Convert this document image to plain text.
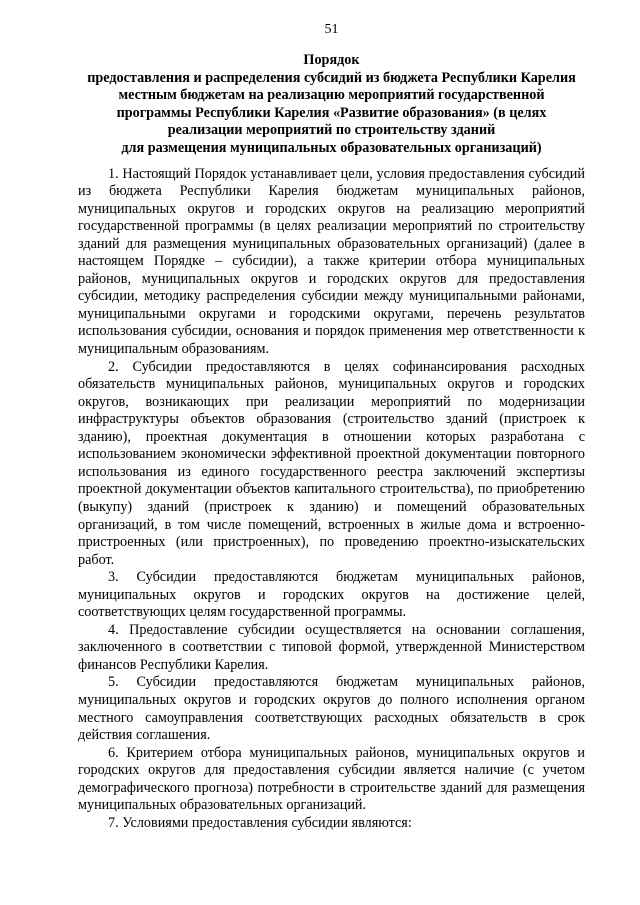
51
Порядок
предоставления и распределения субсидий из бюджета Республики Карелия
местным бюджетам на реализацию мероприятий государственной
программы Республики Карелия «Развитие образования» (в целях
реализации мероприятий по строительству зданий
для размещения муниципальных образовательных организаций)

1. Настоящий Порядок устанавливает цели, условия предоставления субсидий из бюджета Республики Карелия бюджетам муниципальных районов, муниципальных округов и городских округов на реализацию мероприятий государственной программы (в целях реализации мероприятий по строительству зданий для размещения муниципальных образовательных организаций) (далее в настоящем Порядке – субсидии), а также критерии отбора муниципальных районов, муниципальных округов и городских округов для предоставления субсидии, методику распределения субсидии между муниципальными районами, муниципальными округами и городскими округами, перечень результатов использования субсидии, основания и порядок применения мер ответственности к муниципальным образованиям.

2. Субсидии предоставляются в целях софинансирования расходных обязательств муниципальных районов, муниципальных округов и городских округов, возникающих при реализации мероприятий по модернизации инфраструктуры объектов образования (строительство зданий (пристроек к зданию), проектная документация в отношении которых разработана с использованием экономически эффективной проектной документации повторного использования из единого государственного реестра заключений экспертизы проектной документации объектов капитального строительства), по приобретению (выкупу) зданий (пристроек к зданию) и помещений образовательных организаций, в том числе помещений, встроенных в жилые дома и встроенно-пристроенных (или пристроенных), по проведению проектно-изыскательских работ.

3. Субсидии предоставляются бюджетам муниципальных районов, муниципальных округов и городских округов на достижение целей, соответствующих целям государственной программы.

4. Предоставление субсидии осуществляется на основании соглашения, заключенного в соответствии с типовой формой, утвержденной Министерством финансов Республики Карелия.

5. Субсидии предоставляются бюджетам муниципальных районов, муниципальных округов и городских округов до полного исполнения органом местного самоуправления соответствующих расходных обязательств в срок действия соглашения.

6. Критерием отбора муниципальных районов, муниципальных округов и городских округов для предоставления субсидии является наличие (с учетом демографического прогноза) потребности в строительстве зданий для размещения муниципальных образовательных организаций.

7. Условиями предоставления субсидии являются:
